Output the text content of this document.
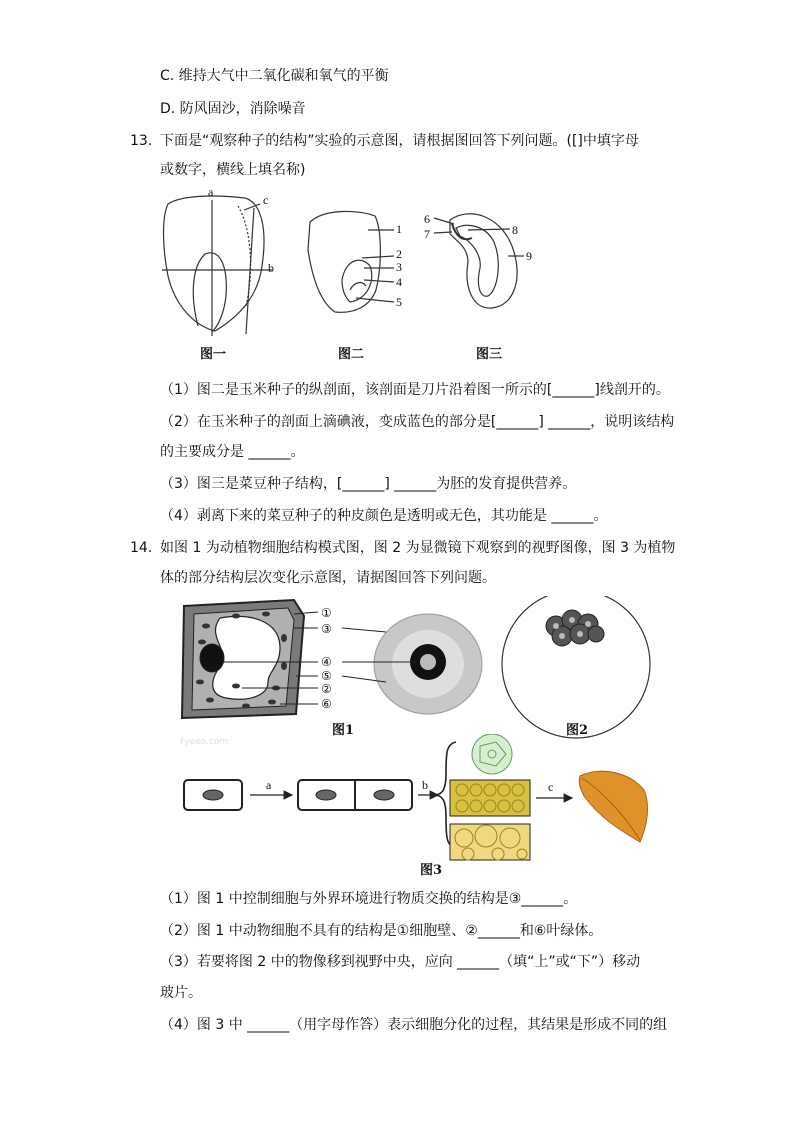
C. 维持大气中二氧化碳和氧气的平衡
D. 防风固沙，消除噪音
13. 下面是“观察种子的结构”实验的示意图，请根据图回答下列问题。([]中填字母
或数字，横线上填名称)
a
c
b
1
2
3
4
5
6
7	8
9
图一	图二	图三
（1）图二是玉米种子的纵剖面，该剖面是刀片沿着图一所示的[______]线剖开的。
（2）在玉米种子的剖面上滴碘液，变成蓝色的部分是[______] ______，说明该结构
的主要成分是 ______。
（3）图三是菜豆种子结构，[______] ______为胚的发育提供营养。
（4）剥离下来的菜豆种子的种皮颜色是透明或无色，其功能是 ______。
14. 如图 1 为动植物细胞结构模式图，图 2 为显微镜下观察到的视野图像，图 3 为植物
体的部分结构层次变化示意图，请据图回答下列问题。
①
③
④
⑤
②
⑥
Fyeeo.com
图1	图2
a	b	c
图3
（1）图 1 中控制细胞与外界环境进行物质交换的结构是③______。
（2）图 1 中动物细胞不具有的结构是①细胞壁、②______和⑥叶绿体。
（3）若要将图 2 中的物像移到视野中央，应向 ______（填“上”或“下”）移动
玻片。
（4）图 3 中 ______（用字母作答）表示细胞分化的过程，其结果是形成不同的组
